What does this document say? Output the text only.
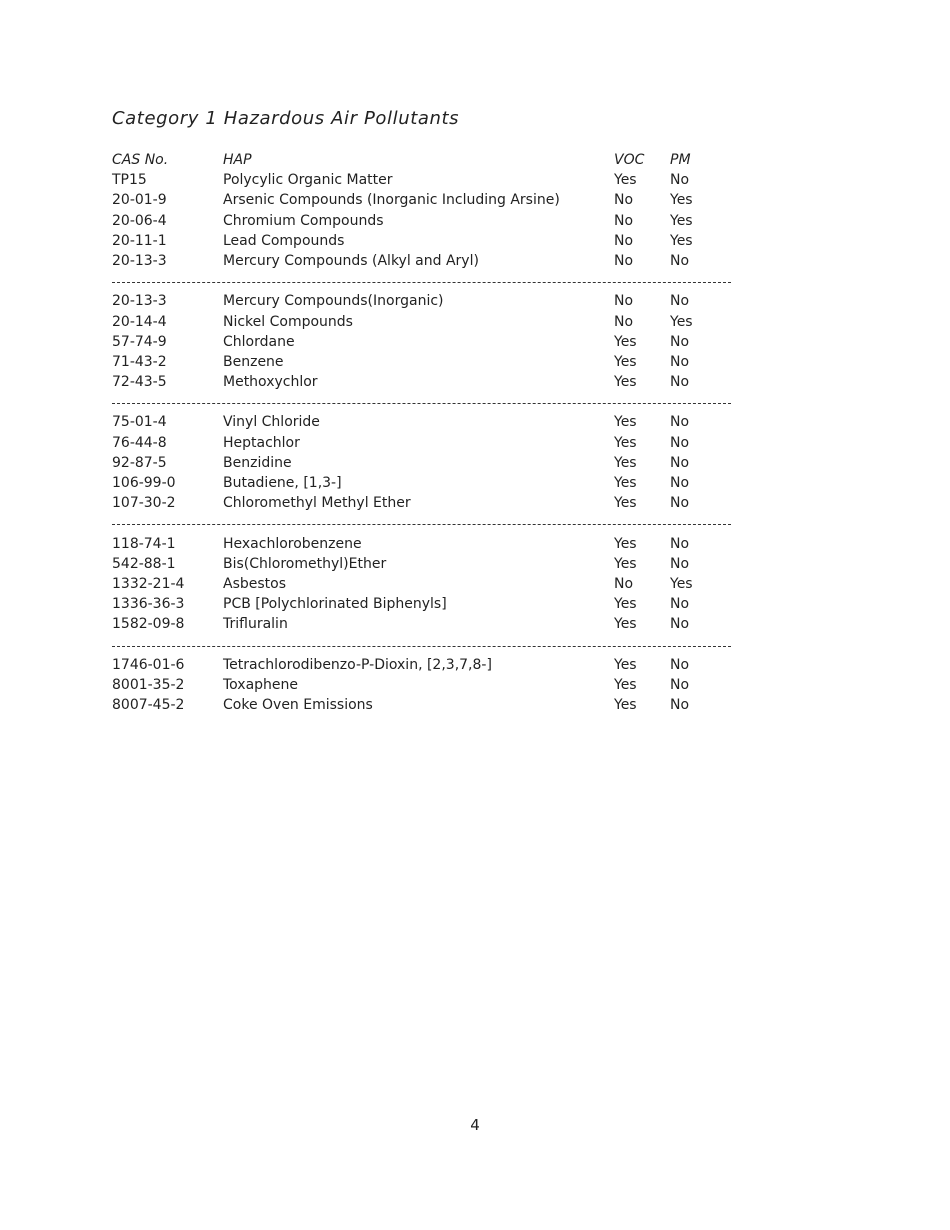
Category 1 Hazardous Air Pollutants
CAS No.	HAP	VOC PM
TP15	Polycylic Organic Matter	Yes No
20-01-9	Arsenic Compounds (Inorganic Including Arsine)	No	Yes
20-06-4	Chromium Compounds	No	Yes
20-11-1	Lead Compounds	No	Yes
20-13-3	Mercury Compounds (Alkyl and Aryl)	No	No
20-13-3	Mercury Compounds(Inorganic)	No	No
20-14-4	Nickel Compounds	No	Yes
57-74-9	Chlordane	Yes No
71-43-2	Benzene	Yes No
72-43-5	Methoxychlor	Yes No
75-01-4	Vinyl Chloride	Yes No
76-44-8	Heptachlor	Yes No
92-87-5	Benzidine	Yes No
106-99-0	Butadiene, [1,3-]	Yes No
107-30-2	Chloromethyl Methyl Ether	Yes No
118-74-1	Hexachlorobenzene	Yes No
542-88-1	Bis(Chloromethyl)Ether	Yes No
1332-21-4	Asbestos	No	Yes
1336-36-3	PCB [Polychlorinated Biphenyls]	Yes No
1582-09-8	Trifluralin	Yes No
1746-01-6	Tetrachlorodibenzo-P-Dioxin, [2,3,7,8-]	Yes No
8001-35-2	Toxaphene	Yes No
8007-45-2	Coke Oven Emissions	Yes No
4
